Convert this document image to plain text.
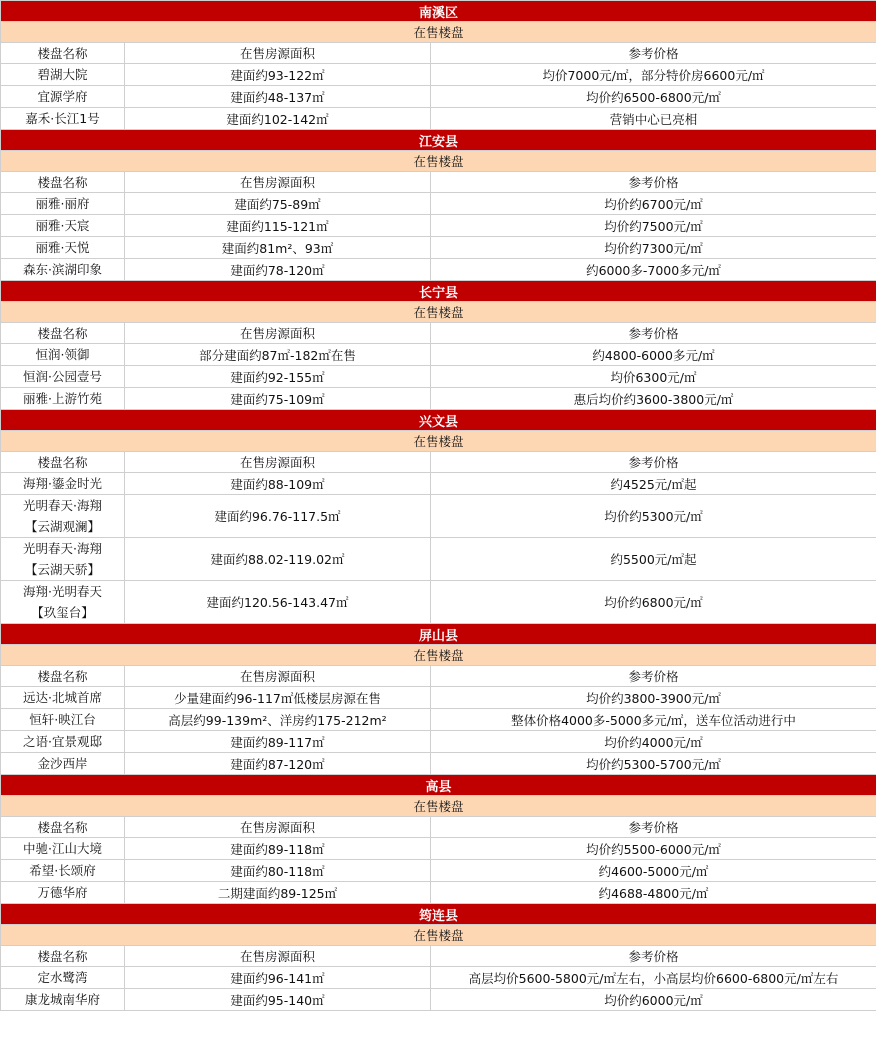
南溪区		
在售楼盘		
楼盘名称	在售房源面积	参考价格

碧湖大院	建面约93-122㎡	均价7000元/㎡，部分特价房6600元/㎡

宜源学府	建面约48-137㎡	均价约6500-6800元/㎡

嘉禾·长江1号	建面约102-142㎡	营销中心已亮相
江安县		
在售楼盘		
楼盘名称	在售房源面积	参考价格

丽雅·丽府	建面约75-89㎡	均价约6700元/㎡

丽雅·天宸	建面约115-121㎡	均价约7500元/㎡

丽雅·天悦	建面约81m²、93㎡	均价约7300元/㎡

森东·滨湖印象	建面约78-120㎡	约6000多-7000多元/㎡
长宁县		
在售楼盘		
楼盘名称	在售房源面积	参考价格

恒润·领御	部分建面约87㎡-182㎡在售	约4800-6000多元/㎡

恒润·公园壹号	建面约92-155㎡	均价6300元/㎡

丽雅·上游竹苑	建面约75-109㎡	惠后均价约3600-3800元/㎡
兴文县		
在售楼盘		
楼盘名称	在售房源面积	参考价格

海翔·鎏金时光	建面约88-109㎡	约4525元/㎡起

光明春天·海翔
【云湖观澜】	建面约96.76-117.5㎡	均价约5300元/㎡

光明春天·海翔
【云湖天骄】	建面约88.02-119.02㎡	约5500元/㎡起

海翔·光明春天
【玖玺台】	建面约120.56-143.47㎡	均价约6800元/㎡
屏山县		
在售楼盘		
楼盘名称	在售房源面积	参考价格

远达·北城首席	少量建面约96-117㎡低楼层房源在售	均价约3800-3900元/㎡

恒轩·映江台	高层约99-139m²、洋房约175-212m²	整体价格4000多-5000多元/㎡，送车位活动进行中

之语·宜景观邸	建面约89-117㎡	均价约4000元/㎡

金沙西岸	建面约87-120㎡	均价约5300-5700元/㎡
高县		
在售楼盘		
楼盘名称	在售房源面积	参考价格

中驰·江山大境	建面约89-118㎡	均价约5500-6000元/㎡

希望·长颂府	建面约80-118㎡	约4600-5000元/㎡

万德华府	二期建面约89-125㎡	约4688-4800元/㎡
筠连县		
在售楼盘		
楼盘名称	在售房源面积	参考价格

定水鹭湾	建面约96-141㎡	高层均价5600-5800元/㎡左右，小高层均价6600-6800元/㎡左右

康龙城南华府	建面约95-140㎡	均价约6000元/㎡
